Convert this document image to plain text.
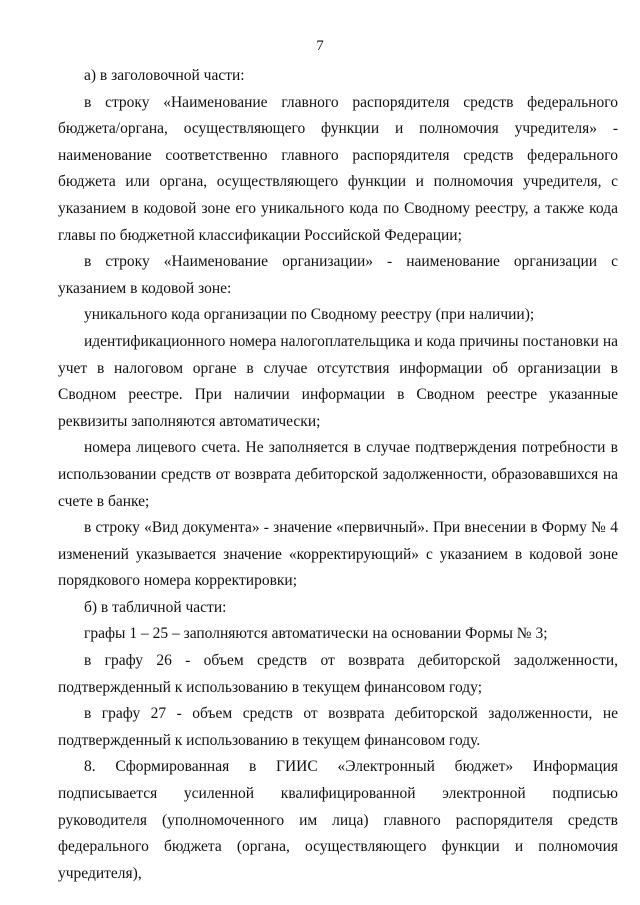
7

а) в заголовочной части:

в строку «Наименование главного распорядителя средств федерального бюджета/органа, осуществляющего функции и полномочия учредителя» - наименование соответственно главного распорядителя средств федерального бюджета или органа, осуществляющего функции и полномочия учредителя, с указанием в кодовой зоне его уникального кода по Сводному реестру, а также кода главы по бюджетной классификации Российской Федерации;

в строку «Наименование организации» - наименование организации с указанием в кодовой зоне:

уникального кода организации по Сводному реестру (при наличии);

идентификационного номера налогоплательщика и кода причины постановки на учет в налоговом органе в случае отсутствия информации об организации в Сводном реестре. При наличии информации в Сводном реестре указанные реквизиты заполняются автоматически;

номера лицевого счета. Не заполняется в случае подтверждения потребности в использовании средств от возврата дебиторской задолженности, образовавшихся на счете в банке;

в строку «Вид документа» - значение «первичный». При внесении в Форму № 4 изменений указывается значение «корректирующий» с указанием в кодовой зоне порядкового номера корректировки;

б) в табличной части:

графы 1 – 25 – заполняются автоматически на основании Формы № 3;

в графу 26 - объем средств от возврата дебиторской задолженности, подтвержденный к использованию в текущем финансовом году;

в графу 27 - объем средств от возврата дебиторской задолженности, не подтвержденный к использованию в текущем финансовом году.

8. Сформированная в ГИИС «Электронный бюджет» Информация подписывается усиленной квалифицированной электронной подписью руководителя (уполномоченного им лица) главного распорядителя средств федерального бюджета (органа, осуществляющего функции и полномочия учредителя),
